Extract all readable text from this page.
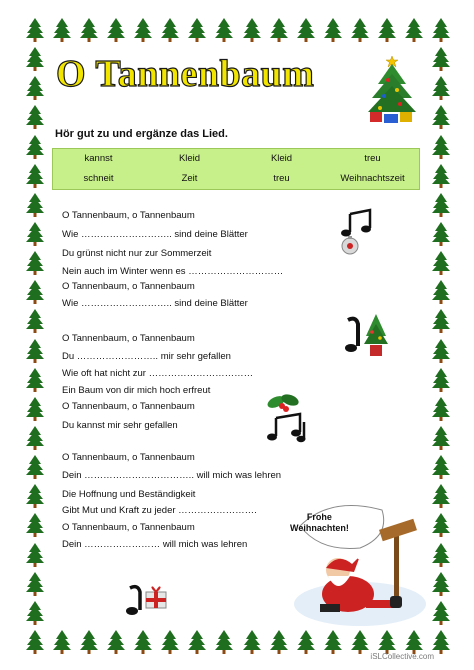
O Tannenbaum
Hör gut zu und ergänze das Lied.
kannst	Kleid	Kleid	treu
schneit	Zeit	treu	Weihnachtszeit
O Tannenbaum, o Tannenbaum
Wie ……………………….. sind deine Blätter
Du grünst nicht nur zur Sommerzeit
Nein auch im Winter wenn es …………………………
O Tannenbaum, o Tannenbaum
Wie ……………………….. sind deine Blätter
O Tannenbaum, o Tannenbaum
Du …………………….. mir sehr gefallen
Wie oft hat nicht zur ……………………………
Ein Baum von dir mich hoch erfreut
O Tannenbaum, o Tannenbaum
Du kannst mir sehr gefallen
O Tannenbaum, o Tannenbaum
Dein …………………………….. will mich was lehren
Die Hoffnung und Beständigkeit
Gibt Mut und Kraft zu jeder …………………….
O Tannenbaum, o Tannenbaum
Dein …………………… will mich was lehren
Frohe
Weihnachten!
iSLCollective.com
